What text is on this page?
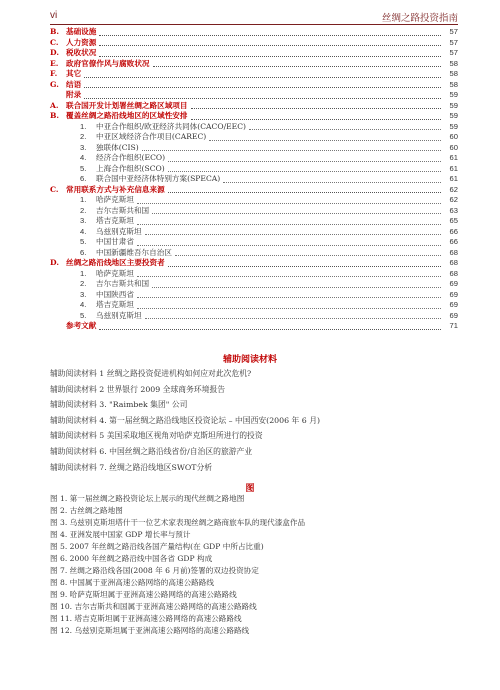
vi	丝绸之路投资指南
B. 基础设施	57
C. 人力资源	57
D. 税收状况	57
E. 政府官僚作风与腐败状况	58
F.	其它	58
G. 结语	58
附录	59
A. 联合国开发计划署丝绸之路区域项目	59
B. 覆盖丝绸之路沿线地区的区域性安排	59
1.	中亚合作组织/欧亚经济共同体(CACO/EEC)	59
2.	中亚区域经济合作项目(CAREC)	60
3.	独联体(CIS)	60
4.	经济合作组织(ECO)	61
5.	上海合作组织(SCO)	61
6.	联合国中亚经济体特别方案(SPECA)	61
C. 常用联系方式与补充信息来源	62
1.	哈萨克斯坦	62
2.	吉尔吉斯共和国	63
3.	塔吉克斯坦	65
4.	乌兹别克斯坦	66
5.	中国甘肃省	66
6.	中国新疆维吾尔自治区	68
D. 丝绸之路沿线地区主要投资者	68
1.	哈萨克斯坦	68
2.	吉尔吉斯共和国	69
3.	中国陕西省	69
4.	塔吉克斯坦	69
5.	乌兹别克斯坦	69
参考文献	71
辅助阅读材料
辅助阅读材料 1 丝绸之路投资促进机构如何应对此次危机?
辅助阅读材料 2 世界银行 2009 全球商务环境报告
辅助阅读材料 3. "Raimbek 集团" 公司
辅助阅读材料 4. 第一届丝绸之路沿线地区投资论坛 – 中国西安(2006 年 6 月)
辅助阅读材料 5 美国采取地区视角对哈萨克斯坦所进行的投资
辅助阅读材料 6. 中国丝绸之路沿线省份/自治区的旅游产业
辅助阅读材料 7. 丝绸之路沿线地区SWOT分析
图
图 1. 第一届丝绸之路投资论坛上展示的现代丝绸之路地图
图 2. 古丝绸之路地图
图 3. 乌兹别克斯坦塔什干一位艺术家表现丝绸之路商旅车队的现代漆盒作品
图 4. 亚洲发展中国家 GDP 增长率与预计
图 5. 2007 年丝绸之路沿线各国产量结构(在 GDP 中所占比重)
图 6. 2000 年丝绸之路沿线中国各省 GDP 构成
图 7. 丝绸之路沿线各国(2008 年 6 月前)签署的双边投资协定
图 8. 中国属于亚洲高速公路网络的高速公路路线
图 9. 哈萨克斯坦属于亚洲高速公路网络的高速公路路线
图 10. 吉尔吉斯共和国属于亚洲高速公路网络的高速公路路线
图 11. 塔吉克斯坦属于亚洲高速公路网络的高速公路路线
图 12. 乌兹别克斯坦属于亚洲高速公路网络的高速公路路线
